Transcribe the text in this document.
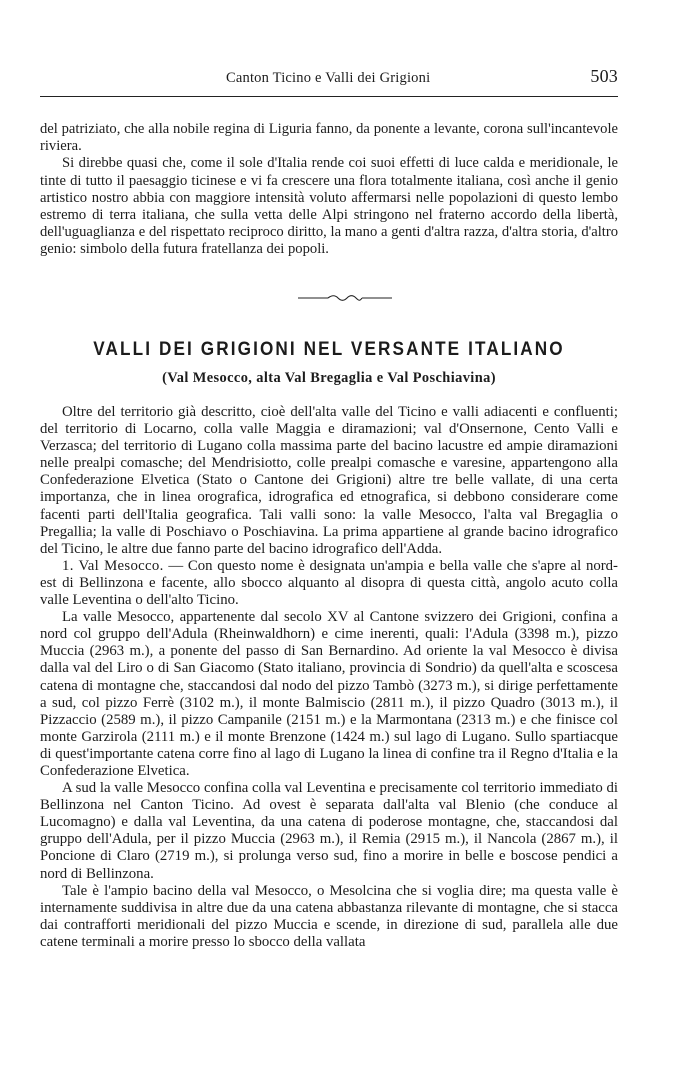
Canton Ticino e Valli dei Grigioni	503

del patriziato, che alla nobile regina di Liguria fanno, da ponente a levante, corona sull'incantevole riviera.

Si direbbe quasi che, come il sole d'Italia rende coi suoi effetti di luce calda e meridionale, le tinte di tutto il paesaggio ticinese e vi fa crescere una flora totalmente italiana, così anche il genio artistico nostro abbia con maggiore intensità voluto affermarsi nelle popolazioni di questo lembo estremo di terra italiana, che sulla vetta delle Alpi stringono nel fraterno accordo della libertà, dell'uguaglianza e del rispettato reciproco diritto, la mano a genti d'altra razza, d'altra storia, d'altro genio: simbolo della futura fratellanza dei popoli.

VALLI DEI GRIGIONI NEL VERSANTE ITALIANO
(Val Mesocco, alta Val Bregaglia e Val Poschiavina)

Oltre del territorio già descritto, cioè dell'alta valle del Ticino e valli adiacenti e confluenti; del territorio di Locarno, colla valle Maggia e diramazioni; val d'Onsernone, Cento Valli e Verzasca; del territorio di Lugano colla massima parte del bacino lacustre ed ampie diramazioni nelle prealpi comasche; del Mendrisiotto, colle prealpi comasche e varesine, appartengono alla Confederazione Elvetica (Stato o Cantone dei Grigioni) altre tre belle vallate, di una certa importanza, che in linea orografica, idrografica ed etnografica, si debbono considerare come facenti parti dell'Italia geografica. Tali valli sono: la valle Mesocco, l'alta val Bregaglia o Pregallia; la valle di Poschiavo o Poschiavina. La prima appartiene al grande bacino idrografico del Ticino, le altre due fanno parte del bacino idrografico dell'Adda.

1. Val Mesocco. — Con questo nome è designata un'ampia e bella valle che s'apre al nord-est di Bellinzona e facente, allo sbocco alquanto al disopra di questa città, angolo acuto colla valle Leventina o dell'alto Ticino.

La valle Mesocco, appartenente dal secolo XV al Cantone svizzero dei Grigioni, confina a nord col gruppo dell'Adula (Rheinwaldhorn) e cime inerenti, quali: l'Adula (3398 m.), pizzo Muccia (2963 m.), a ponente del passo di San Bernardino. Ad oriente la val Mesocco è divisa dalla val del Liro o di San Giacomo (Stato italiano, provincia di Sondrio) da quell'alta e scoscesa catena di montagne che, staccandosi dal nodo del pizzo Tambò (3273 m.), si dirige perfettamente a sud, col pizzo Ferrè (3102 m.), il monte Balmiscio (2811 m.), il pizzo Quadro (3013 m.), il Pizzaccio (2589 m.), il pizzo Campanile (2151 m.) e la Marmontana (2313 m.) e che finisce col monte Garzirola (2111 m.) e il monte Brenzone (1424 m.) sul lago di Lugano. Sullo spartiacque di quest'importante catena corre fino al lago di Lugano la linea di confine tra il Regno d'Italia e la Confederazione Elvetica.

A sud la valle Mesocco confina colla val Leventina e precisamente col territorio immediato di Bellinzona nel Canton Ticino. Ad ovest è separata dall'alta val Blenio (che conduce al Lucomagno) e dalla val Leventina, da una catena di poderose montagne, che, staccandosi dal gruppo dell'Adula, per il pizzo Muccia (2963 m.), il Remia (2915 m.), il Nancola (2867 m.), il Poncione di Claro (2719 m.), si prolunga verso sud, fino a morire in belle e boscose pendici a nord di Bellinzona.

Tale è l'ampio bacino della val Mesocco, o Mesolcina che si voglia dire; ma questa valle è internamente suddivisa in altre due da una catena abbastanza rilevante di montagne, che si stacca dai contrafforti meridionali del pizzo Muccia e scende, in direzione di sud, parallela alle due catene terminali a morire presso lo sbocco della vallata
